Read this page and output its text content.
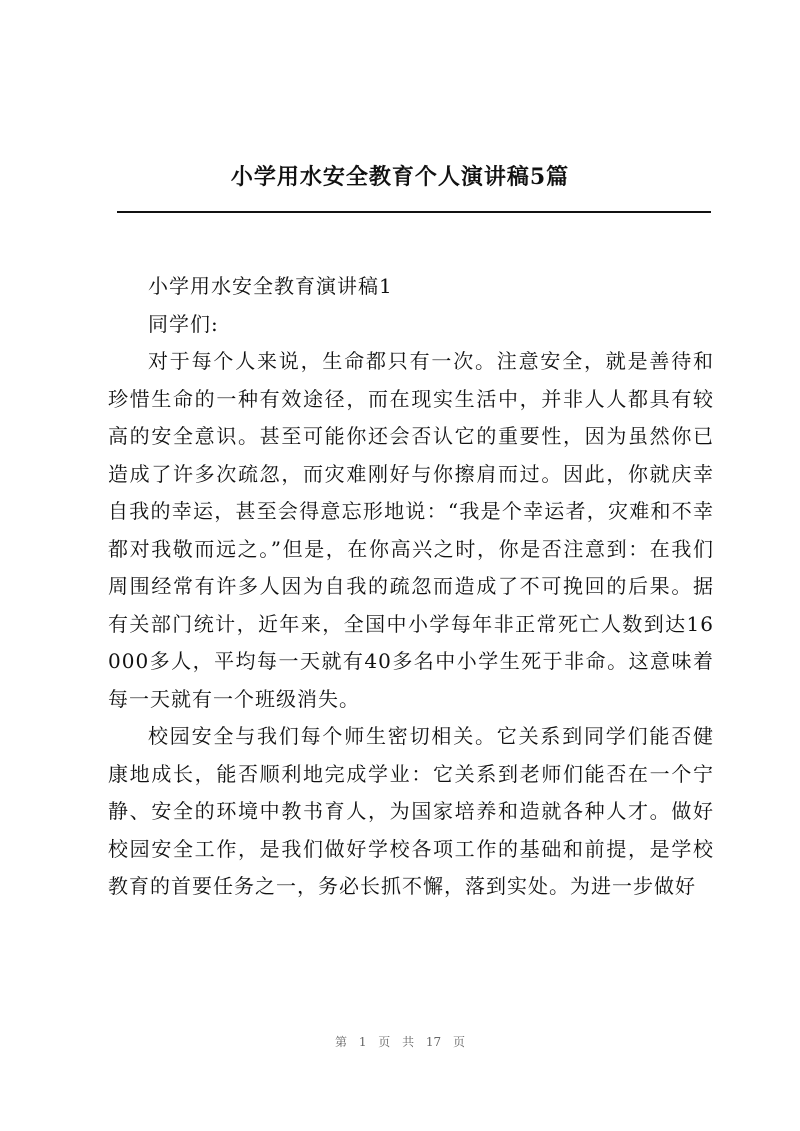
小学用水安全教育个人演讲稿5篇

小学用水安全教育演讲稿1

同学们:

对于每个人来说，生命都只有一次。注意安全，就是善待和珍惜生命的一种有效途径，而在现实生活中，并非人人都具有较高的安全意识。甚至可能你还会否认它的重要性，因为虽然你已造成了许多次疏忽，而灾难刚好与你擦肩而过。因此，你就庆幸自我的幸运，甚至会得意忘形地说：“我是个幸运者，灾难和不幸都对我敬而远之。”但是，在你高兴之时，你是否注意到：在我们周围经常有许多人因为自我的疏忽而造成了不可挽回的后果。据有关部门统计，近年来，全国中小学每年非正常死亡人数到达16000多人，平均每一天就有40多名中小学生死于非命。这意味着每一天就有一个班级消失。

校园安全与我们每个师生密切相关。它关系到同学们能否健康地成长，能否顺利地完成学业：它关系到老师们能否在一个宁静、安全的环境中教书育人，为国家培养和造就各种人才。做好校园安全工作，是我们做好学校各项工作的基础和前提，是学校教育的首要任务之一，务必长抓不懈，落到实处。为进一步做好

第 1 页 共 17 页
